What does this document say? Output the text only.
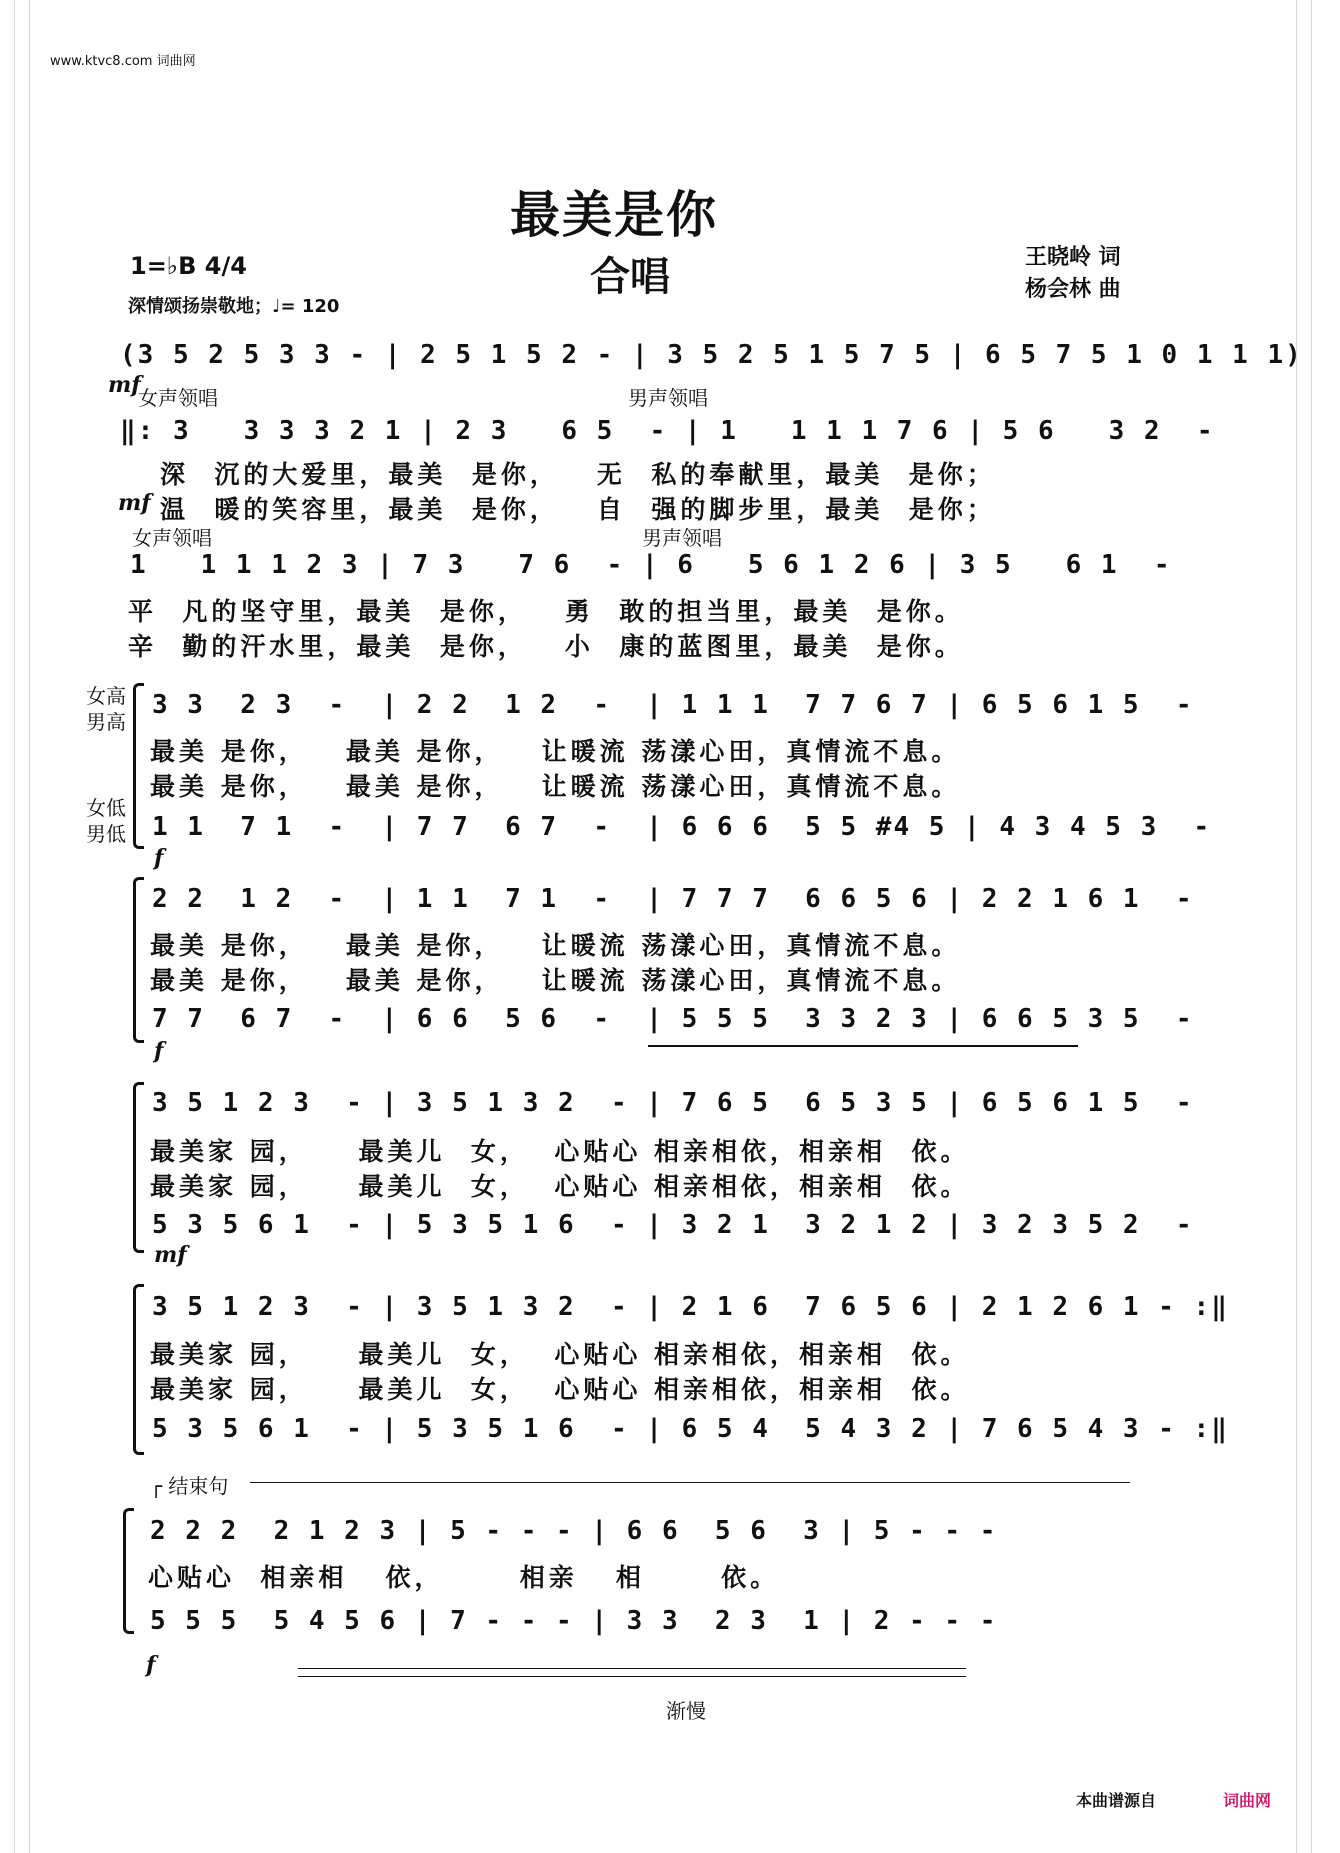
www.ktvc8.com 词曲网
最美是你
合唱	王晓岭 词
杨会林 曲
1=♭B 4/4
深情颂扬崇敬地；♩= 120
(3 5 2 5 3 3 - | 2 5 1 5 2 - | 3 5 2 5 1 5 7 5 | 6 5 7 5 1 0 1 1 1)
mf
女声领唱	男声领唱
‖: 3   3 3 3 2 1 | 2 3   6 5  - | 1   1 1 1 7 6 | 5 6   3 2  -
深  沉的大爱里，最美  是你，   无  私的奉献里，最美  是你；
mf 温  暖的笑容里，最美  是你，   自  强的脚步里，最美  是你；
女声领唱	男声领唱
1   1 1 1 2 3 | 7 3   7 6  - | 6   5 6 1 2 6 | 3 5   6 1  -
平  凡的坚守里，最美  是你，   勇  敢的担当里，最美  是你。
辛  勤的汗水里，最美  是你，   小  康的蓝图里，最美  是你。
女高
男高
女低
男低
3 3  2 3  -  | 2 2  1 2  -  | 1 1 1  7 7 6 7 | 6 5 6 1 5  -
最美 是你，   最美 是你，   让暖流 荡漾心田，真情流不息。
最美 是你，   最美 是你，   让暖流 荡漾心田，真情流不息。
1 1  7 1  -  | 7 7  6 7  -  | 6 6 6  5 5 #4 5 | 4 3 4 5 3  -
f
2 2  1 2  -  | 1 1  7 1  -  | 7 7 7  6 6 5 6 | 2 2 1 6 1  -
最美 是你，   最美 是你，   让暖流 荡漾心田，真情流不息。
最美 是你，   最美 是你，   让暖流 荡漾心田，真情流不息。
7 7  6 7  -  | 6 6  5 6  -  | 5 5 5  3 3 2 3 | 6 6 5 3 5  -
f
3 5 1 2 3  - | 3 5 1 3 2  - | 7 6 5  6 5 3 5 | 6 5 6 1 5  -
最美家 园，    最美儿  女，  心贴心 相亲相依，相亲相  依。
最美家 园，    最美儿  女，  心贴心 相亲相依，相亲相  依。
5 3 5 6 1  - | 5 3 5 1 6  - | 3 2 1  3 2 1 2 | 3 2 3 5 2  -
mf
3 5 1 2 3  - | 3 5 1 3 2  - | 2 1 6  7 6 5 6 | 2 1 2 6 1 - :‖
最美家 园，    最美儿  女，  心贴心 相亲相依，相亲相  依。
最美家 园，    最美儿  女，  心贴心 相亲相依，相亲相  依。
5 3 5 6 1  - | 5 3 5 1 6  - | 6 5 4  5 4 3 2 | 7 6 5 4 3 - :‖
┌ 结束句
2 2 2  2 1 2 3 | 5 - - - | 6 6  5 6  3 | 5 - - -
心贴心  相亲相   依，      相亲   相      依。
5 5 5  5 4 5 6 | 7 - - - | 3 3  2 3  1 | 2 - - -
f
渐慢
本曲谱源自	词曲网
